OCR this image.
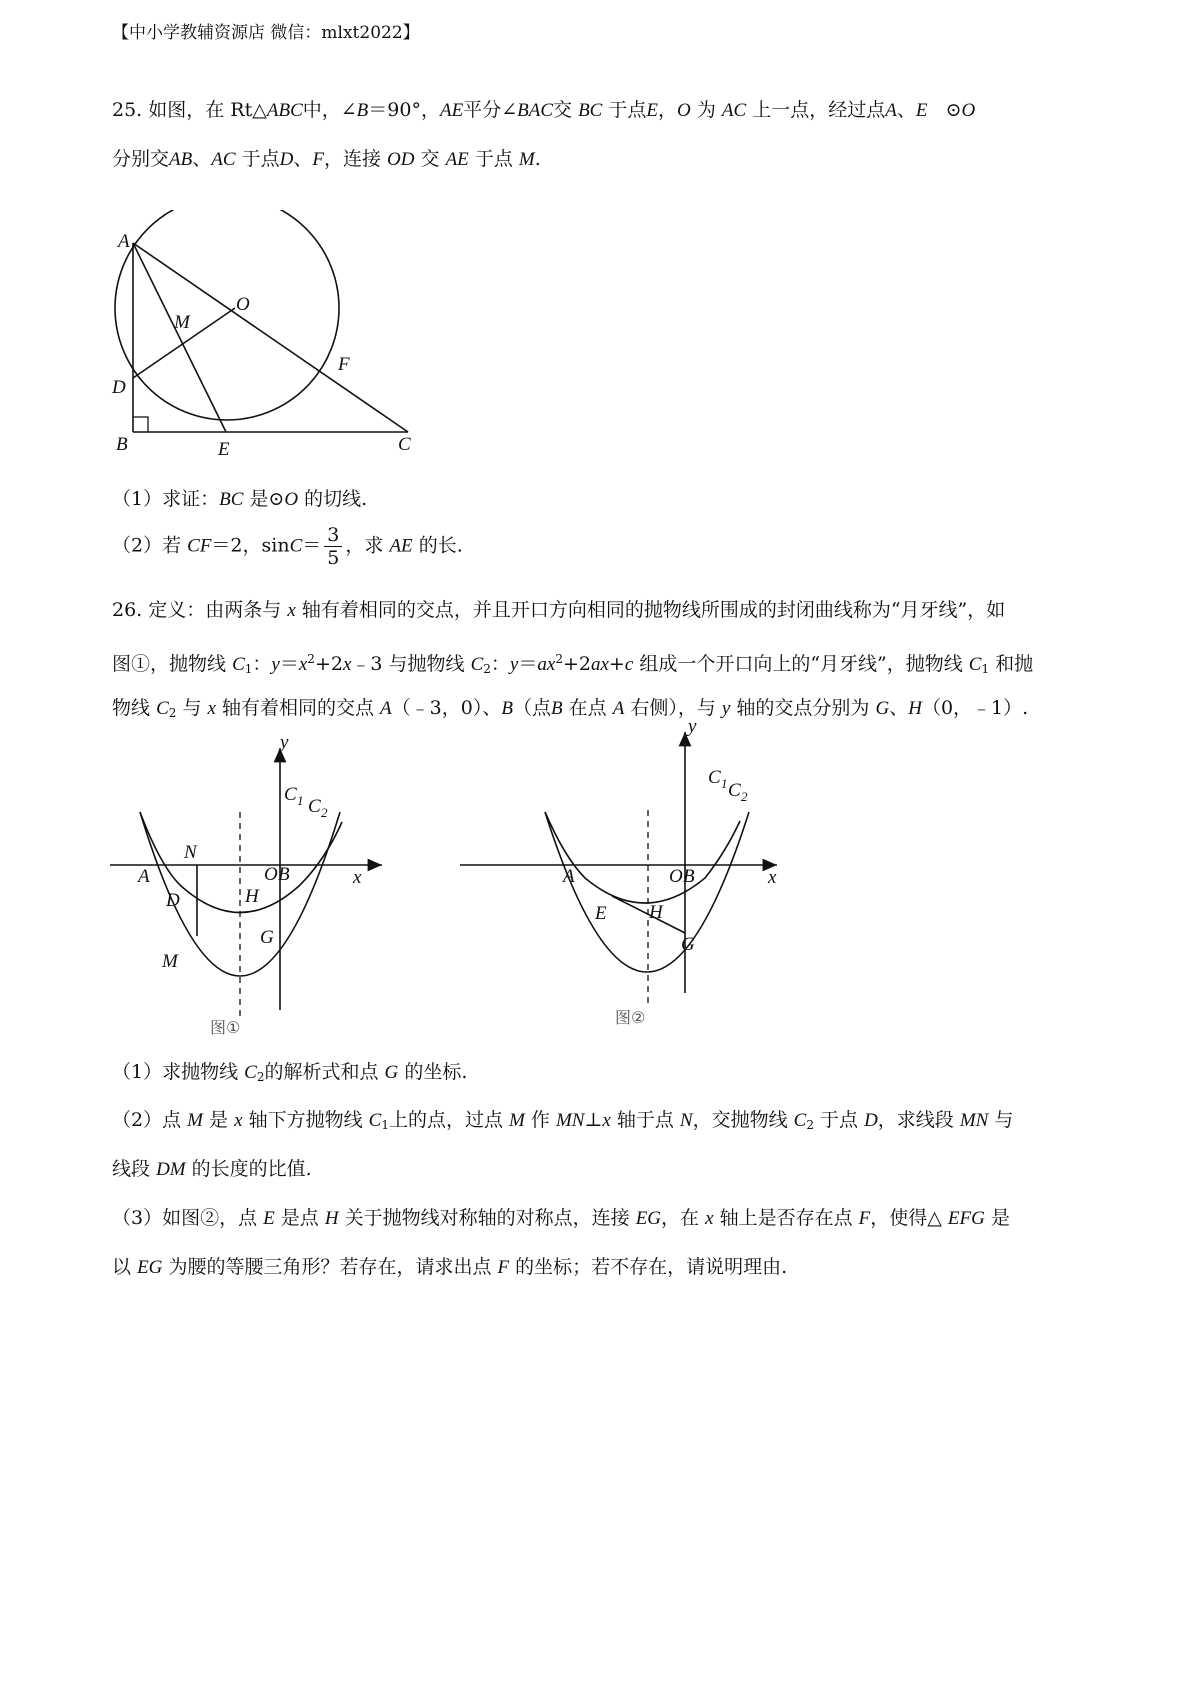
【中小学教辅资源店 微信：mlxt2022】
25. 如图，在 Rt△ABC中，∠B＝90°，AE平分∠BAC交 BC 于点E，O 为 AC 上一点，经过点A、E ⊙O
分别交AB、AC 于点D、F，连接 OD 交 AE 于点 M.
A
O
M
D
F
B	E	C
（1）求证：BC 是⊙O 的切线.
（2）若 CF＝2，$\sin C= \frac{3}{5}$ ，求 AE 的长.
26. 定义：由两条与 x 轴有着相同的交点，并且开口方向相同的抛物线所围成的封闭曲线称为“月牙线”，如
图①，抛物线 $C_1$：$y=x^2+2x﹣3$ 与抛物线 $C_2$：$y=ax^2+2ax+c$ 组成一个开口向上的“月牙线”，抛物线 $C_1$ 和抛
物线 $C_2$ 与 x 轴有着相同的交点 A（﹣3，0）、B（点B 在点 A 右侧），与 y 轴的交点分别为 G、H（0，﹣1）.
y
C 1 C 2
A
N
O B	x
D	H
G
M
图①
y
C 1 C 2
A	O B	x
E H
G
图②
（1）求抛物线 $C_2$的解析式和点 G 的坐标.
（2）点 M 是 x 轴下方抛物线 $C_1$上的点，过点 M 作 MN⊥x 轴于点 N，交抛物线 $C_2$ 于点 D，求线段 MN 与
线段 DM 的长度的比值.
（3）如图②，点 E 是点 H 关于抛物线对称轴的对称点，连接 EG，在 x 轴上是否存在点 F，使得△ EFG 是
以 EG 为腰的等腰三角形？若存在，请求出点 F 的坐标；若不存在，请说明理由.
